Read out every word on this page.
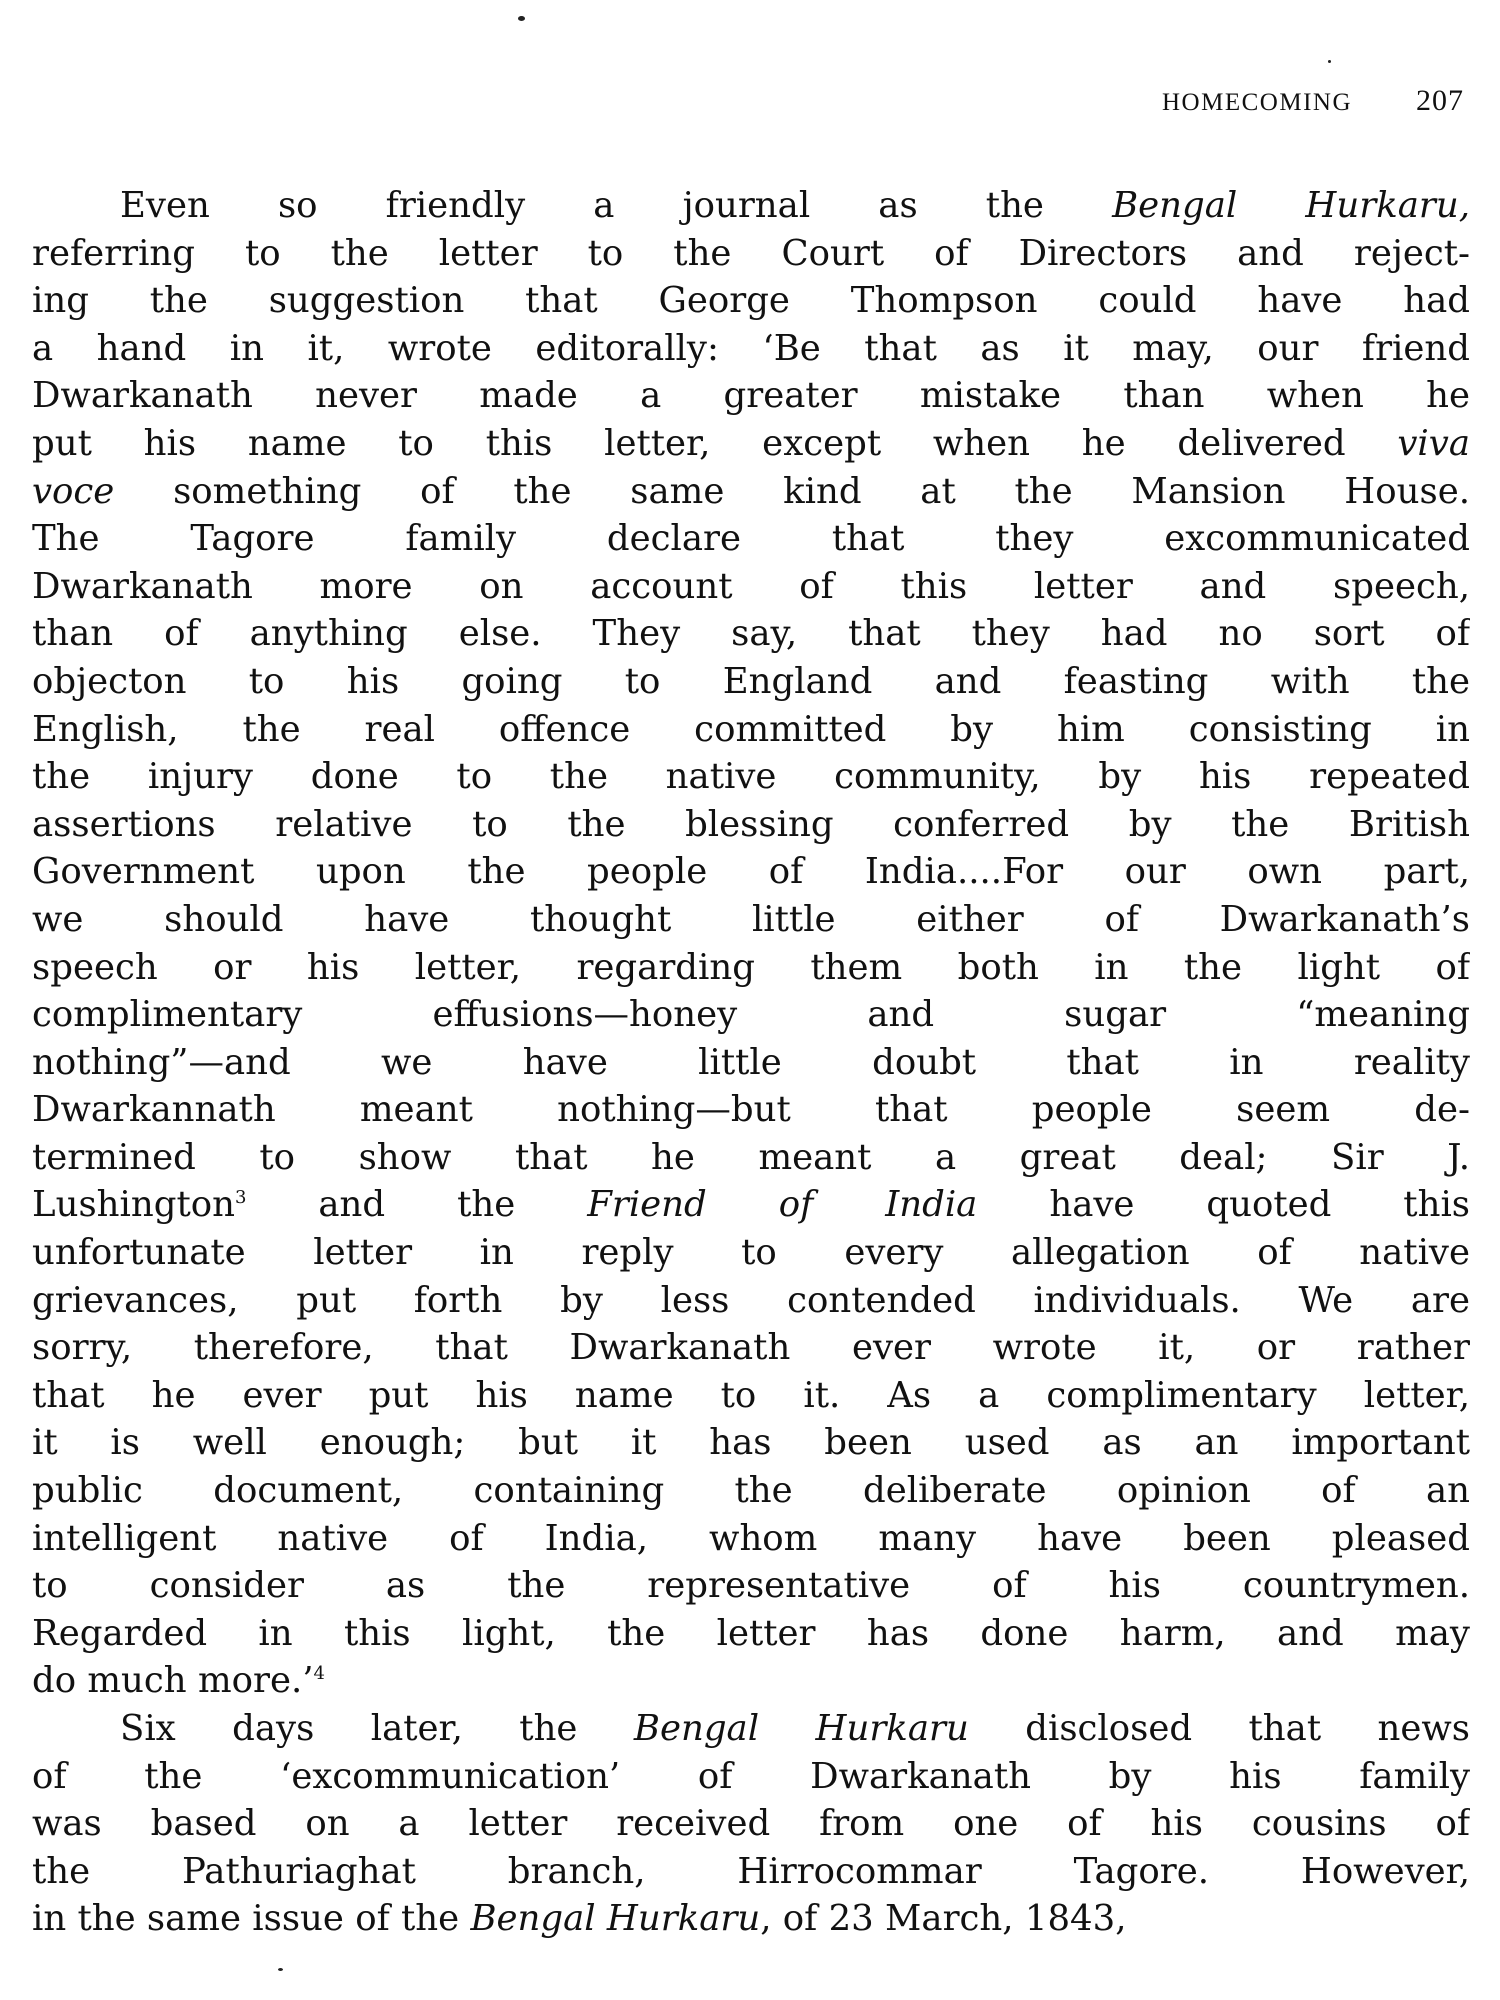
HOMECOMING 207
Even so friendly a journal as the Bengal Hurkaru,
referring to the letter to the Court of Directors and reject-
ing the suggestion that George Thompson could have had
a hand in it, wrote editorally: ‘Be that as it may, our friend
Dwarkanath never made a greater mistake than when he
put his name to this letter, except when he delivered viva
voce something of the same kind at the Mansion House.
The Tagore family declare that they excommunicated
Dwarkanath more on account of this letter and speech,
than of anything else. They say, that they had no sort of
objecton to his going to England and feasting with the
English, the real offence committed by him consisting in
the injury done to the native community, by his repeated
assertions relative to the blessing conferred by the British
Government upon the people of India....For our own part,
we should have thought little either of Dwarkanath’s
speech or his letter, regarding them both in the light of
complimentary effusions—honey and sugar “meaning
nothing”—and we have little doubt that in reality
Dwarkannath meant nothing—but that people seem de-
termined to show that he meant a great deal; Sir J.
Lushington$^3$ and the Friend of India have quoted this
unfortunate letter in reply to every allegation of native
grievances, put forth by less contended individuals. We are
sorry, therefore, that Dwarkanath ever wrote it, or rather
that he ever put his name to it. As a complimentary letter,
it is well enough; but it has been used as an important
public document, containing the deliberate opinion of an
intelligent native of India, whom many have been pleased
to consider as the representative of his countrymen.
Regarded in this light, the letter has done harm, and may
do much more.’$^4$
Six days later, the Bengal Hurkaru disclosed that news
of the ‘excommunication’ of Dwarkanath by his family
was based on a letter received from one of his cousins of
the Pathuriaghat branch, Hirrocommar Tagore. However,
in the same issue of the Bengal Hurkaru, of 23 March, 1843,
